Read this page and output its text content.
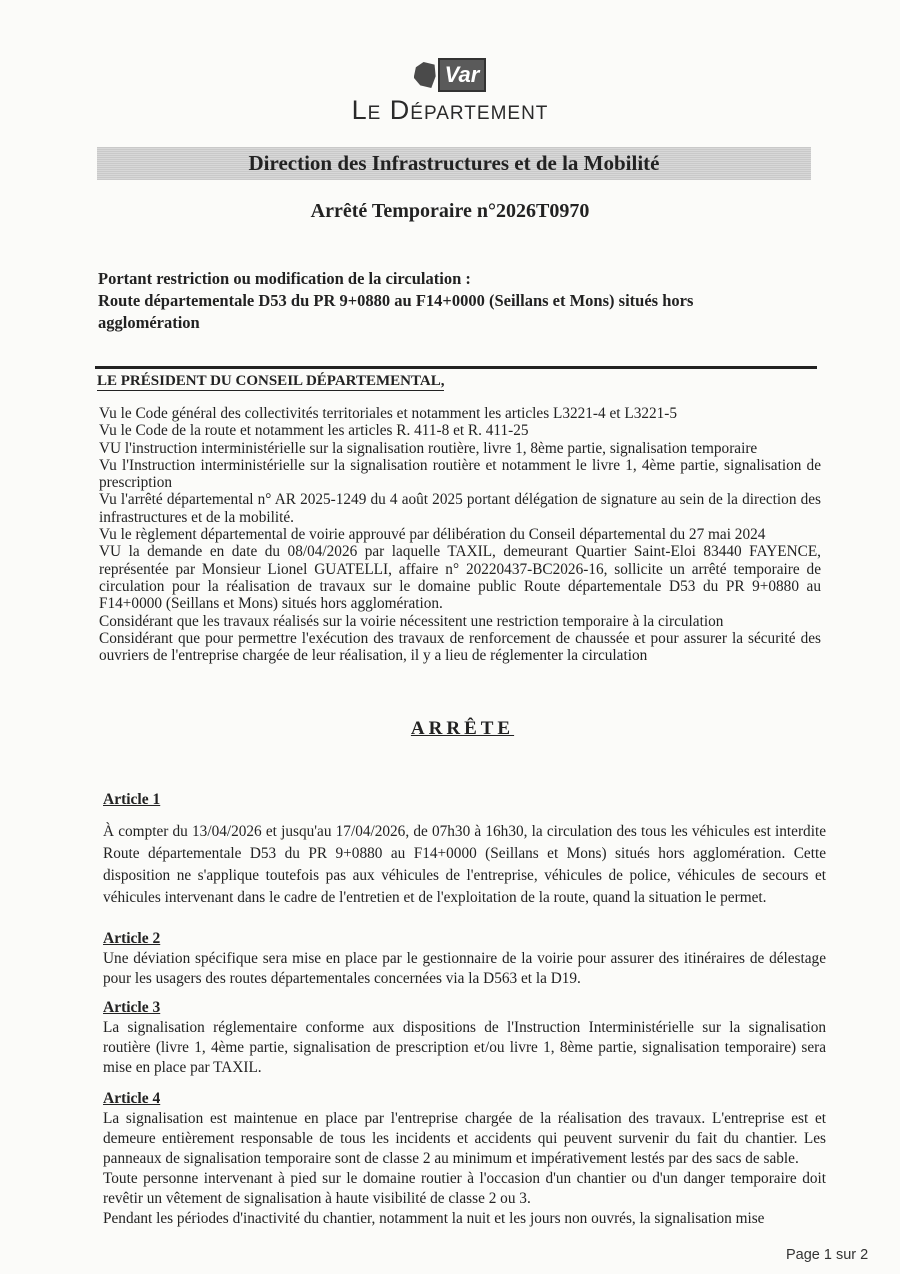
Var
Le Département
Direction des Infrastructures et de la Mobilité
Arrêté Temporaire n°2026T0970
Portant restriction ou modification de la circulation :
Route départementale D53 du PR 9+0880 au F14+0000 (Seillans et Mons) situés hors agglomération
LE PRÉSIDENT DU CONSEIL DÉPARTEMENTAL,

Vu le Code général des collectivités territoriales et notamment les articles L3221-4 et L3221-5

Vu le Code de la route et notamment les articles R. 411-8 et R. 411-25

VU l'instruction interministérielle sur la signalisation routière, livre 1, 8ème partie, signalisation temporaire

Vu l'Instruction interministérielle sur la signalisation routière et notamment le livre 1, 4ème partie, signalisation de prescription

Vu l'arrêté départemental n° AR 2025-1249 du 4 août 2025 portant délégation de signature au sein de la direction des infrastructures et de la mobilité.

Vu le règlement départemental de voirie approuvé par délibération du Conseil départemental du 27 mai 2024

VU la demande en date du 08/04/2026 par laquelle TAXIL, demeurant Quartier Saint-Eloi 83440 FAYENCE, représentée par Monsieur Lionel GUATELLI, affaire n° 20220437-BC2026-16, sollicite un arrêté temporaire de circulation pour la réalisation de travaux sur le domaine public Route départementale D53 du PR 9+0880 au F14+0000 (Seillans et Mons) situés hors agglomération.

Considérant que les travaux réalisés sur la voirie nécessitent une restriction temporaire à la circulation

Considérant que pour permettre l'exécution des travaux de renforcement de chaussée et pour assurer la sécurité des ouvriers de l'entreprise chargée de leur réalisation, il y a lieu de réglementer la circulation

ARRÊTE
Article 1

À compter du 13/04/2026 et jusqu'au 17/04/2026, de 07h30 à 16h30, la circulation des tous les véhicules est interdite Route départementale D53 du PR 9+0880 au F14+0000 (Seillans et Mons) situés hors agglomération. Cette disposition ne s'applique toutefois pas aux véhicules de l'entreprise, véhicules de police, véhicules de secours et véhicules intervenant dans le cadre de l'entretien et de l'exploitation de la route, quand la situation le permet.

Article 2

Une déviation spécifique sera mise en place par le gestionnaire de la voirie pour assurer des itinéraires de délestage pour les usagers des routes départementales concernées via la D563 et la D19.

Article 3

La signalisation réglementaire conforme aux dispositions de l'Instruction Interministérielle sur la signalisation routière (livre 1, 4ème partie, signalisation de prescription et/ou livre 1, 8ème partie, signalisation temporaire) sera mise en place par TAXIL.

Article 4

La signalisation est maintenue en place par l'entreprise chargée de la réalisation des travaux. L'entreprise est et demeure entièrement responsable de tous les incidents et accidents qui peuvent survenir du fait du chantier. Les panneaux de signalisation temporaire sont de classe 2 au minimum et impérativement lestés par des sacs de sable.

Toute personne intervenant à pied sur le domaine routier à l'occasion d'un chantier ou d'un danger temporaire doit revêtir un vêtement de signalisation à haute visibilité de classe 2 ou 3.

Pendant les périodes d'inactivité du chantier, notamment la nuit et les jours non ouvrés, la signalisation mise

Page 1 sur 2
